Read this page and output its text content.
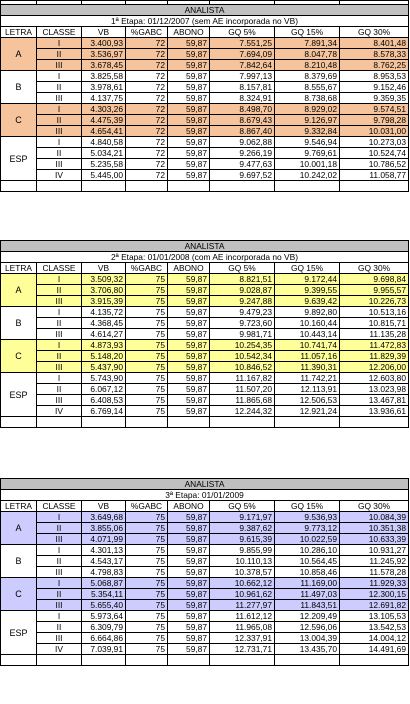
ANALISTA							
1ª Etapa: 01/12/2007 (sem AE incorporada no VB)							
LETRA	CLASSE	VB	%GABC	ABONO	GQ 5%	GQ 15%	GQ 30%
A	I	3.400,93	72	59,87	7.551,25	7.891,34	8.401,48
	II	3.536,97	72	59,87	7.694,09	8.047,78	8.578,33
	III	3.678,45	72	59,87	7.842,64	8.210,48	8.762,25
B	I	3.825,58	72	59,87	7.997,13	8.379,69	8.953,53
	II	3.978,61	72	59,87	8.157,81	8.555,67	9.152,46
	III	4.137,75	72	59,87	8.324,91	8.738,68	9.359,35
C	I	4.303,26	72	59,87	8.498,70	8.929,02	9.574,51
	II	4.475,39	72	59,87	8.679,43	9.126,97	9.798,28
	III	4.654,41	72	59,87	8.867,40	9.332,84	10.031,00
ESP	I	4.840,58	72	59,87	9.062,88	9.546,94	10.273,03
	II	5.034,21	72	59,87	9.266,19	9.769,61	10.524,74
	III	5.235,58	72	59,87	9.477,63	10.001,18	10.786,52
	IV	5.445,00	72	59,87	9.697,52	10.242,02	11.058,77

ANALISTA							
2ª Etapa: 01/01/2008 (com AE incorporada no VB)							
LETRA	CLASSE	VB	%GABC	ABONO	GQ 5%	GQ 15%	GQ 30%
A	I	3.509,32	75	59,87	8.821,51	9.172,44	9.698,84
	II	3.706,80	75	59,87	9.028,87	9.399,55	9.955,57
	III	3.915,39	75	59,87	9.247,88	9.639,42	10.226,73
B	I	4.135,72	75	59,87	9.479,23	9.892,80	10.513,16
	II	4.368,45	75	59,87	9.723,60	10.160,44	10.815,71
	III	4.614,27	75	59,87	9.981,71	10.443,14	11.135,28
C	I	4.873,93	75	59,87	10.254,35	10.741,74	11.472,83
	II	5.148,20	75	59,87	10.542,34	11.057,16	11.829,39
	III	5.437,90	75	59,87	10.846,52	11.390,31	12.206,00
ESP	I	5.743,90	75	59,87	11.167,82	11.742,21	12.603,80
	II	6.067,12	75	59,87	11.507,20	12.113,91	13.023,98
	III	6.408,53	75	59,87	11.865,68	12.506,53	13.467,81
	IV	6.769,14	75	59,87	12.244,32	12.921,24	13.936,61

ANALISTA							
3ª Etapa: 01/01/2009							
LETRA	CLASSE	VB	%GABC	ABONO	GQ 5%	GQ 15%	GQ 30%
A	I	3.649,68	75	59,87	9.171,97	9.536,93	10.084,39
	II	3.855,06	75	59,87	9.387,62	9.773,12	10.351,38
	III	4.071,99	75	59,87	9.615,39	10.022,59	10.633,39
B	I	4.301,13	75	59,87	9.855,99	10.286,10	10.931,27
	II	4.543,17	75	59,87	10.110,13	10.564,45	11.245,92
	III	4.798,83	75	59,87	10.378,57	10.858,46	11.578,28
C	I	5.068,87	75	59,87	10.662,12	11.169,00	11.929,33
	II	5.354,11	75	59,87	10.961,62	11.497,03	12.300,15
	III	5.655,40	75	59,87	11.277,97	11.843,51	12.691,82
ESP	I	5.973,64	75	59,87	11.612,12	12.209,49	13.105,53
	II	6.309,79	75	59,87	11.965,08	12.596,06	13.542,53
	III	6.664,86	75	59,87	12.337,91	13.004,39	14.004,12
	IV	7.039,91	75	59,87	12.731,71	13.435,70	14.491,69
